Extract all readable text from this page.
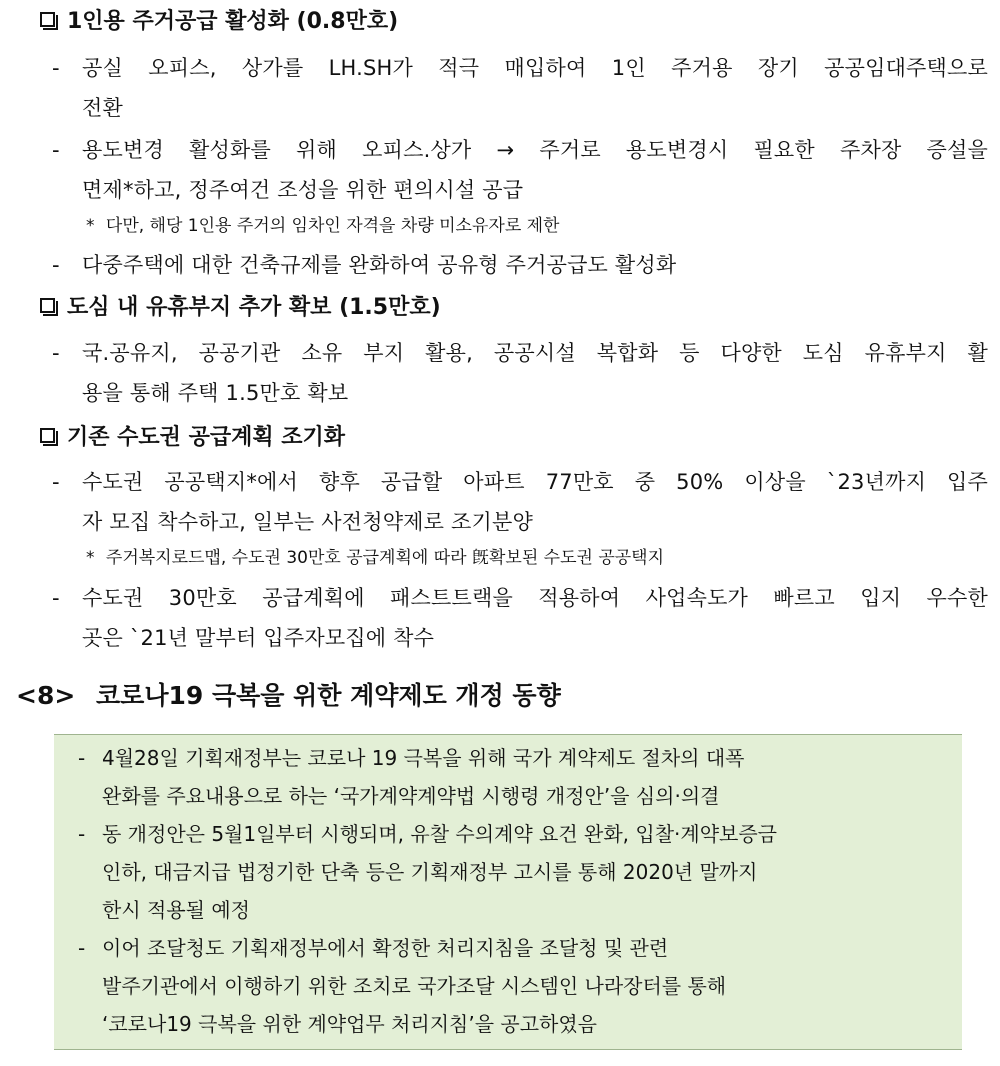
1인용 주거공급 활성화 (0.8만호)
-	공실 오피스, 상가를 LH.SH가 적극 매입하여 1인 주거용 장기 공공임대주택으로
전환
-	용도변경 활성화를 위해 오피스.상가 → 주거로 용도변경시 필요한 주차장 증설을
면제*하고, 정주여건 조성을 위한 편의시설 공급
* 다만, 해당 1인용 주거의 임차인 자격을 차량 미소유자로 제한
-	다중주택에 대한 건축규제를 완화하여 공유형 주거공급도 활성화
도심 내 유휴부지 추가 확보 (1.5만호)
-	국.공유지, 공공기관 소유 부지 활용, 공공시설 복합화 등 다양한 도심 유휴부지 활
용을 통해 주택 1.5만호 확보
기존 수도권 공급계획 조기화
-	수도권 공공택지*에서 향후 공급할 아파트 77만호 중 50% 이상을 `23년까지 입주
자 모집 착수하고, 일부는 사전청약제로 조기분양
* 주거복지로드맵, 수도권 30만호 공급계획에 따라 旣확보된 수도권 공공택지
-	수도권 30만호 공급계획에 패스트트랙을 적용하여 사업속도가 빠르고 입지 우수한
곳은 `21년 말부터 입주자모집에 착수
<8> 코로나19 극복을 위한 계약제도 개정 동향
- 4월28일 기획재정부는 코로나 19 극복을 위해 국가 계약제도 절차의 대폭
완화를 주요내용으로 하는 ‘국가계약계약법 시행령 개정안’을 심의·의결
- 동 개정안은 5월1일부터 시행되며, 유찰 수의계약 요건 완화, 입찰·계약보증금
인하, 대금지급 법정기한 단축 등은 기획재정부 고시를 통해 2020년 말까지
한시 적용될 예정
- 이어 조달청도 기획재정부에서 확정한 처리지침을 조달청 및 관련
발주기관에서 이행하기 위한 조치로 국가조달 시스템인 나라장터를 통해
‘코로나19 극복을 위한 계약업무 처리지침’을 공고하였음
